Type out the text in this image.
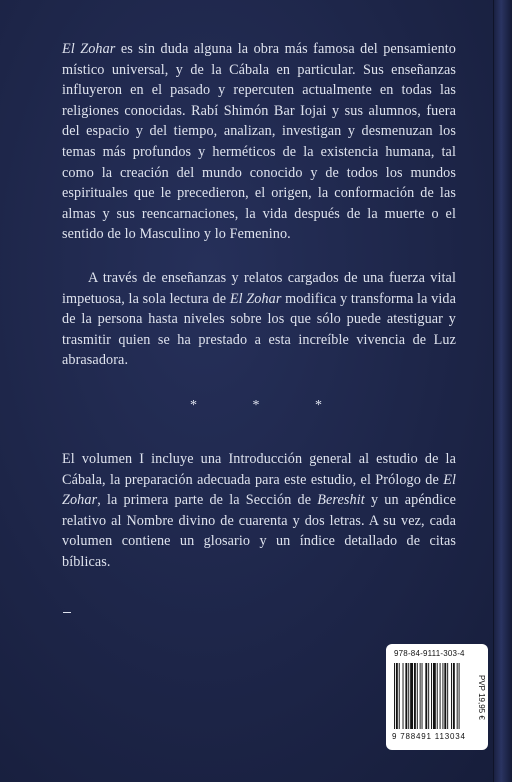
El Zohar es sin duda alguna la obra más famosa del pensamiento místico universal, y de la Cábala en particular. Sus enseñanzas influyeron en el pasado y repercuten actualmente en todas las religiones conocidas. Rabí Shimón Bar Iojai y sus alumnos, fuera del espacio y del tiempo, analizan, investigan y desmenuzan los temas más profundos y herméticos de la existencia humana, tal como la creación del mundo conocido y de todos los mundos espirituales que le precedieron, el origen, la conformación de las almas y sus reencarnaciones, la vida después de la muerte o el sentido de lo Masculino y lo Femenino.

A través de enseñanzas y relatos cargados de una fuerza vital impetuosa, la sola lectura de El Zohar modifica y transforma la vida de la persona hasta niveles sobre los que sólo puede atestiguar y trasmitir quien se ha prestado a esta increíble vivencia de Luz abrasadora.

* * *

El volumen I incluye una Introducción general al estudio de la Cábala, la preparación adecuada para este estudio, el Prólogo de El Zohar, la primera parte de la Sección de Bereshit y un apéndice relativo al Nombre divino de cuarenta y dos letras. A su vez, cada volumen contiene un glosario y un índice detallado de citas bíblicas.

978-84-9111-303-4
9 788491 113034
PVP 19,95 €
